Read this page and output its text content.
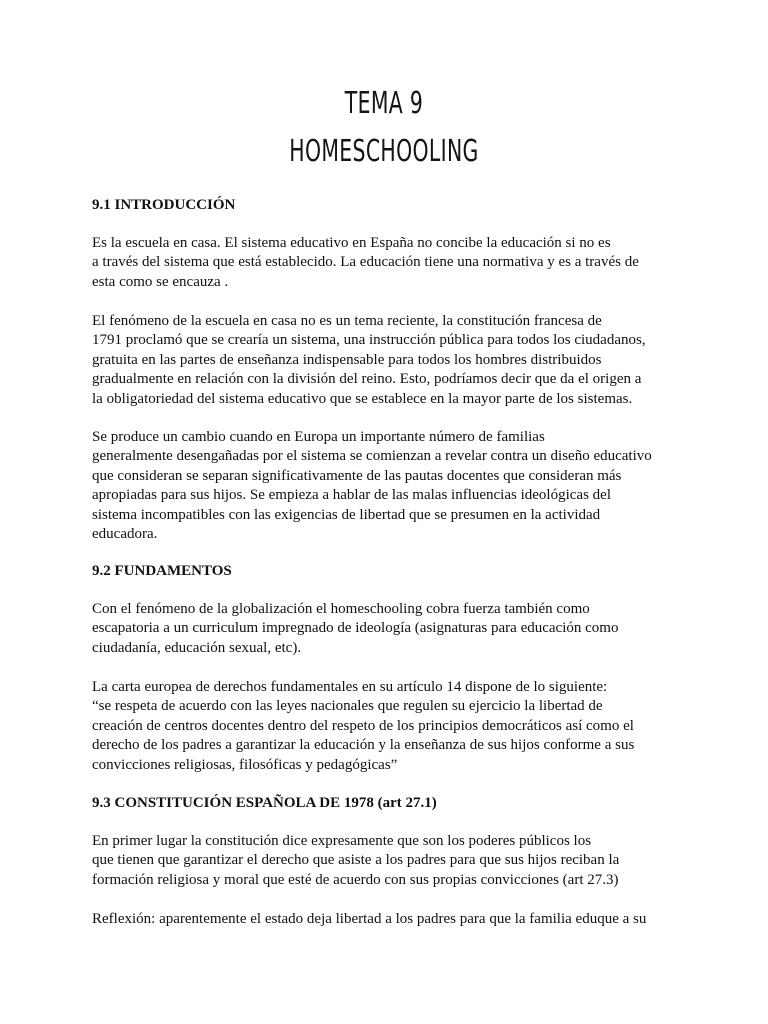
TEMA 9
HOMESCHOOLING
9.1 INTRODUCCIÓN
Es la escuela en casa. El sistema educativo en España no concibe la educación si no es
a través del sistema que está establecido. La educación tiene una normativa y es a través de
esta como se encauza .
El fenómeno de la escuela en casa no es un tema reciente, la constitución francesa de
1791 proclamó que se crearía un sistema, una instrucción pública para todos los ciudadanos,
gratuita en las partes de enseñanza indispensable para todos los hombres distribuidos
gradualmente en relación con la división del reino. Esto, podríamos decir que da el origen a
la obligatoriedad del sistema educativo que se establece en la mayor parte de los sistemas.
Se produce un cambio cuando en Europa un importante número de familias
generalmente desengañadas por el sistema se comienzan a revelar contra un diseño educativo
que consideran se separan significativamente de las pautas docentes que consideran más
apropiadas para sus hijos. Se empieza a hablar de las malas influencias ideológicas del
sistema incompatibles con las exigencias de libertad que se presumen en la actividad
educadora.
9.2 FUNDAMENTOS
Con el fenómeno de la globalización el homeschooling cobra fuerza también como
escapatoria a un curriculum impregnado de ideología (asignaturas para educación como
ciudadanía, educación sexual, etc).
La carta europea de derechos fundamentales en su artículo 14 dispone de lo siguiente:
“se respeta de acuerdo con las leyes nacionales que regulen su ejercicio la libertad de
creación de centros docentes dentro del respeto de los principios democráticos así como el
derecho de los padres a garantizar la educación y la enseñanza de sus hijos conforme a sus
convicciones religiosas, filosóficas y pedagógicas”
9.3 CONSTITUCIÓN ESPAÑOLA DE 1978 (art 27.1)
En primer lugar la constitución dice expresamente que son los poderes públicos los
que tienen que garantizar el derecho que asiste a los padres para que sus hijos reciban la
formación religiosa y moral que esté de acuerdo con sus propias convicciones (art 27.3)
Reflexión: aparentemente el estado deja libertad a los padres para que la familia eduque a su
